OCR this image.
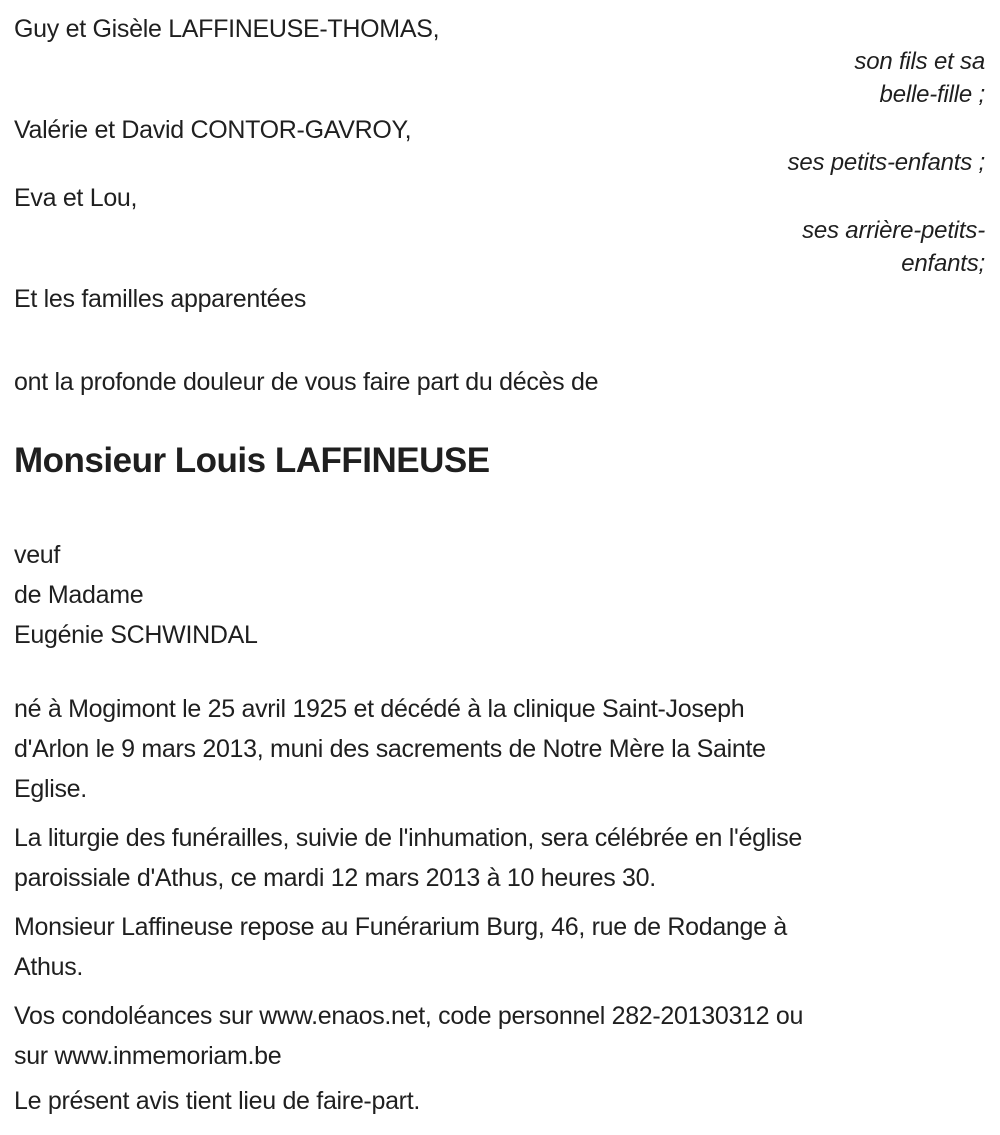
Guy et Gisèle LAFFINEUSE-THOMAS,

son fils et sa
belle-fille ;

Valérie et David CONTOR-GAVROY,

ses petits-enfants ;

Eva et Lou,

ses arrière-petits-
enfants;

Et les familles apparentées

ont la profonde douleur de vous faire part du décès de

Monsieur Louis LAFFINEUSE
veuf
de Madame
Eugénie SCHWINDAL
né à Mogimont le 25 avril 1925 et décédé à la clinique Saint-Joseph
d'Arlon le 9 mars 2013, muni des sacrements de Notre Mère la Sainte
Eglise.
La liturgie des funérailles, suivie de l'inhumation, sera célébrée en l'église
paroissiale d'Athus, ce mardi 12 mars 2013 à 10 heures 30.
Monsieur Laffineuse repose au Funérarium Burg, 46, rue de Rodange à
Athus.
Vos condoléances sur www.enaos.net, code personnel 282-20130312 ou
sur www.inmemoriam.be
Le présent avis tient lieu de faire-part.
